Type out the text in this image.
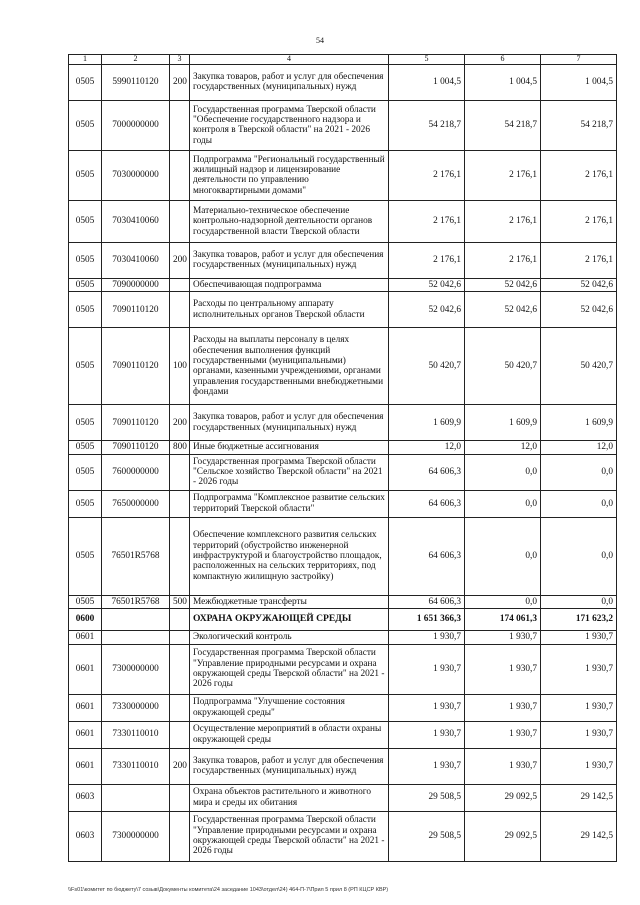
54
1	2	3	4	5	6	7
0505	5990110120	200	Закупка товаров, работ и услуг для обеспечения государственных (муниципальных) нужд	1 004,5	1 004,5	1 004,5
0505	7000000000		Государственная программа Тверской области "Обеспечение государственного надзора и контроля в Тверской области" на 2021 - 2026 годы	54 218,7	54 218,7	54 218,7
0505	7030000000		Подпрограмма "Региональный государственный жилищный надзор и лицензирование деятельности по управлению многоквартирными домами"	2 176,1	2 176,1	2 176,1
0505	7030410060		Материально-техническое обеспечение контрольно-надзорной деятельности органов государственной власти Тверской области	2 176,1	2 176,1	2 176,1
0505	7030410060	200	Закупка товаров, работ и услуг для обеспечения государственных (муниципальных) нужд	2 176,1	2 176,1	2 176,1
0505	7090000000		Обеспечивающая подпрограмма	52 042,6	52 042,6	52 042,6
0505	7090110120		Расходы по центральному аппарату исполнительных органов Тверской области	52 042,6	52 042,6	52 042,6
0505	7090110120	100	Расходы на выплаты персоналу в целях обеспечения выполнения функций государственными (муниципальными) органами, казенными учреждениями, органами управления государственными внебюджетными фондами	50 420,7	50 420,7	50 420,7
0505	7090110120	200	Закупка товаров, работ и услуг для обеспечения государственных (муниципальных) нужд	1 609,9	1 609,9	1 609,9
0505	7090110120	800	Иные бюджетные ассигнования	12,0	12,0	12,0
0505	7600000000		Государственная программа Тверской области "Сельское хозяйство Тверской области" на 2021 - 2026 годы	64 606,3	0,0	0,0
0505	7650000000		Подпрограмма "Комплексное развитие сельских территорий Тверской области"	64 606,3	0,0	0,0
0505	76501R5768		Обеспечение комплексного развития сельских территорий (обустройство инженерной инфраструктурой и благоустройство площадок, расположенных на сельских территориях, под компактную жилищную застройку)	64 606,3	0,0	0,0
0505	76501R5768	500	Межбюджетные трансферты	64 606,3	0,0	0,0
0600			ОХРАНА ОКРУЖАЮЩЕЙ СРЕДЫ	1 651 366,3	174 061,3	171 623,2
0601			Экологический контроль	1 930,7	1 930,7	1 930,7
0601	7300000000		Государственная программа Тверской области "Управление природными ресурсами и охрана окружающей среды Тверской области" на 2021 - 2026 годы	1 930,7	1 930,7	1 930,7
0601	7330000000		Подпрограмма "Улучшение состояния окружающей среды"	1 930,7	1 930,7	1 930,7
0601	7330110010		Осуществление мероприятий в области охраны окружающей среды	1 930,7	1 930,7	1 930,7
0601	7330110010	200	Закупка товаров, работ и услуг для обеспечения государственных (муниципальных) нужд	1 930,7	1 930,7	1 930,7
0603			Охрана объектов растительного и животного мира и среды их обитания	29 508,5	29 092,5	29 142,5
0603	7300000000		Государственная программа Тверской области "Управление природными ресурсами и охрана окружающей среды Тверской области" на 2021 - 2026 годы	29 508,5	29 092,5	29 142,5
\\Fs01\комитет по бюджету\7 созыв\Документы комитета\24 заседание 1043\отдел\24) 464-П-7\Прил 5 прил 8 (РП КЦСР КВР)
